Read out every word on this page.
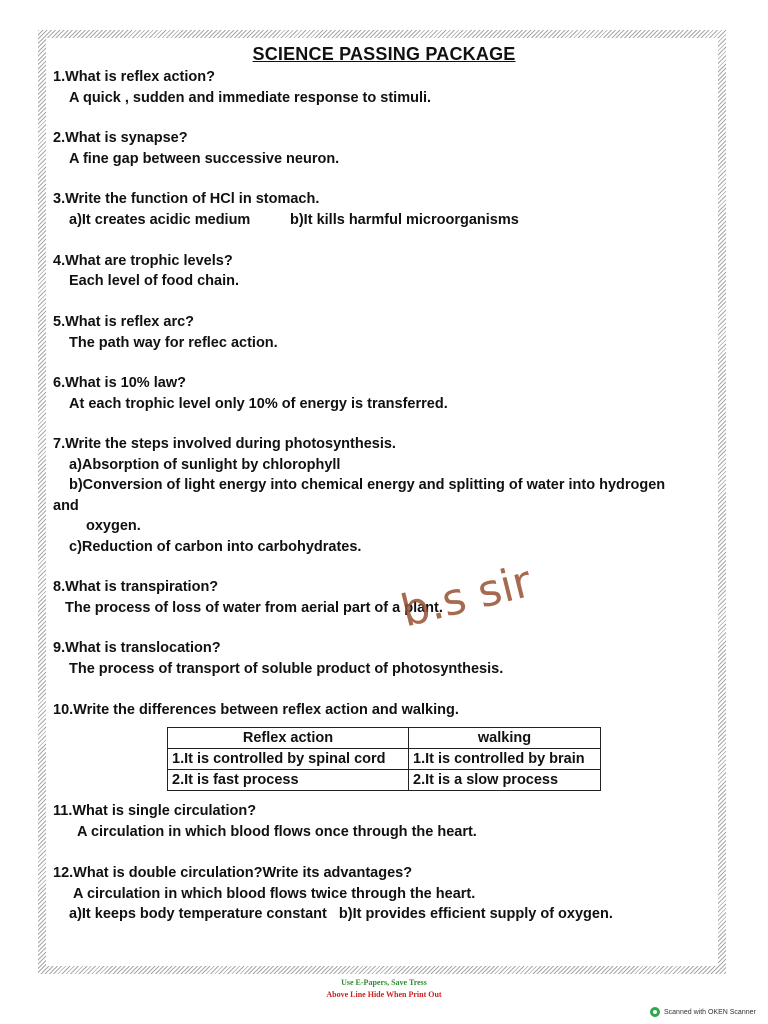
SCIENCE PASSING PACKAGE
1.What is reflex action?
A quick , sudden and immediate response to stimuli.
2.What is synapse?
A fine gap between successive neuron.
3.Write the function of HCl in stomach.
a)It creates acidic medium	b)It kills harmful microorganisms
4.What are trophic levels?
Each level of food chain.
5.What is reflex arc?
The path way for reflec action.
6.What is 10% law?
At each trophic level only 10% of energy is transferred.
7.Write the steps involved during photosynthesis.
a)Absorption of sunlight by chlorophyll
b)Conversion of light energy into chemical energy and splitting of water into hydrogen
and
oxygen.
c)Reduction of carbon into carbohydrates.
8.What is transpiration?
The process of loss of water from aerial part of a plant.
9.What is translocation?
The process of transport of soluble product of photosynthesis.
10.Write the differences between reflex action and walking.
Reflex action	walking
1.It is controlled by spinal cord	1.It is controlled by brain
2.It is fast process	2.It is a slow process
11.What is single circulation?
A circulation in which blood flows once through the heart.
12.What is double circulation?Write its advantages?
A circulation in which blood flows twice through the heart.
a)It keeps body temperature constant   b)It provides efficient supply of oxygen.
b.s sir
Use E-Papers, Save Tress
Above Line Hide When Print Out
Scanned with OKEN Scanner
